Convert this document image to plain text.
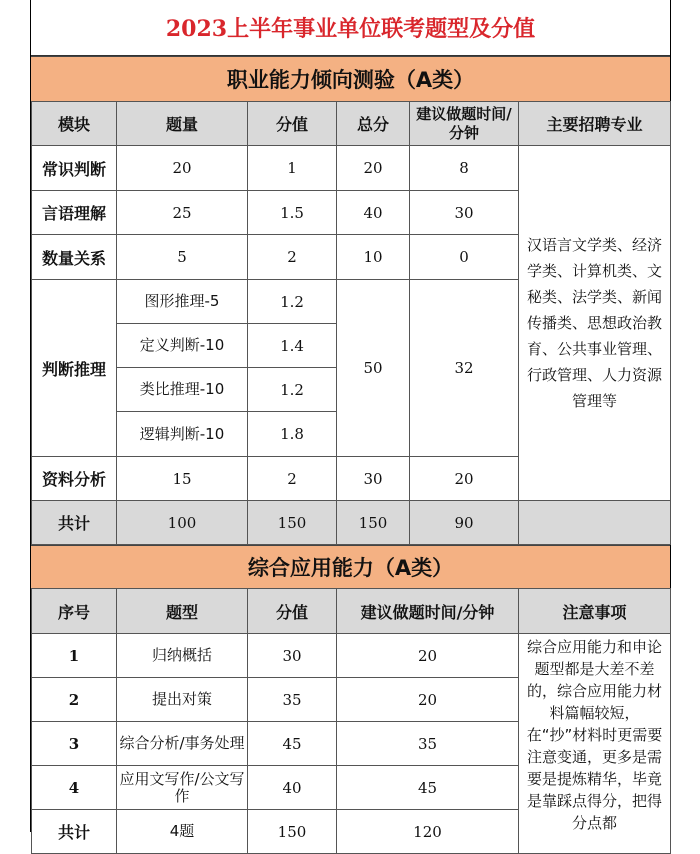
2023上半年事业单位联考题型及分值
职业能力倾向测验（A类）
模块	题量	分值	总分	建议做题时间/分钟	主要招聘专业
常识判断	20	1	20	8	汉语言文学类、经济学类、计算机类、文秘类、法学类、新闻传播类、思想政治教育、公共事业管理、行政管理、人力资源管理等
言语理解	25	1.5	40	30	
数量关系	5	2	10	0	
判断推理	图形推理-5	1.2	50	32	
	定义判断-10	1.4			
	类比推理-10	1.2			
	逻辑判断-10	1.8			
资料分析	15	2	30	20	
共计	100	150	150	90	
综合应用能力（A类）
序号	题型	分值	建议做题时间/分钟	注意事项
1	归纳概括	30	20	综合应用能力和申论题型都是大差不差的，综合应用能力材料篇幅较短，在“抄”材料时更需要注意变通，更多是需要是提炼精华，毕竟是靠踩点得分，把得分点都
2	提出对策	35	20	
3	综合分析/事务处理	45	35	
4	应用文写作/公文写作	40	45	
共计	4题	150	120	
